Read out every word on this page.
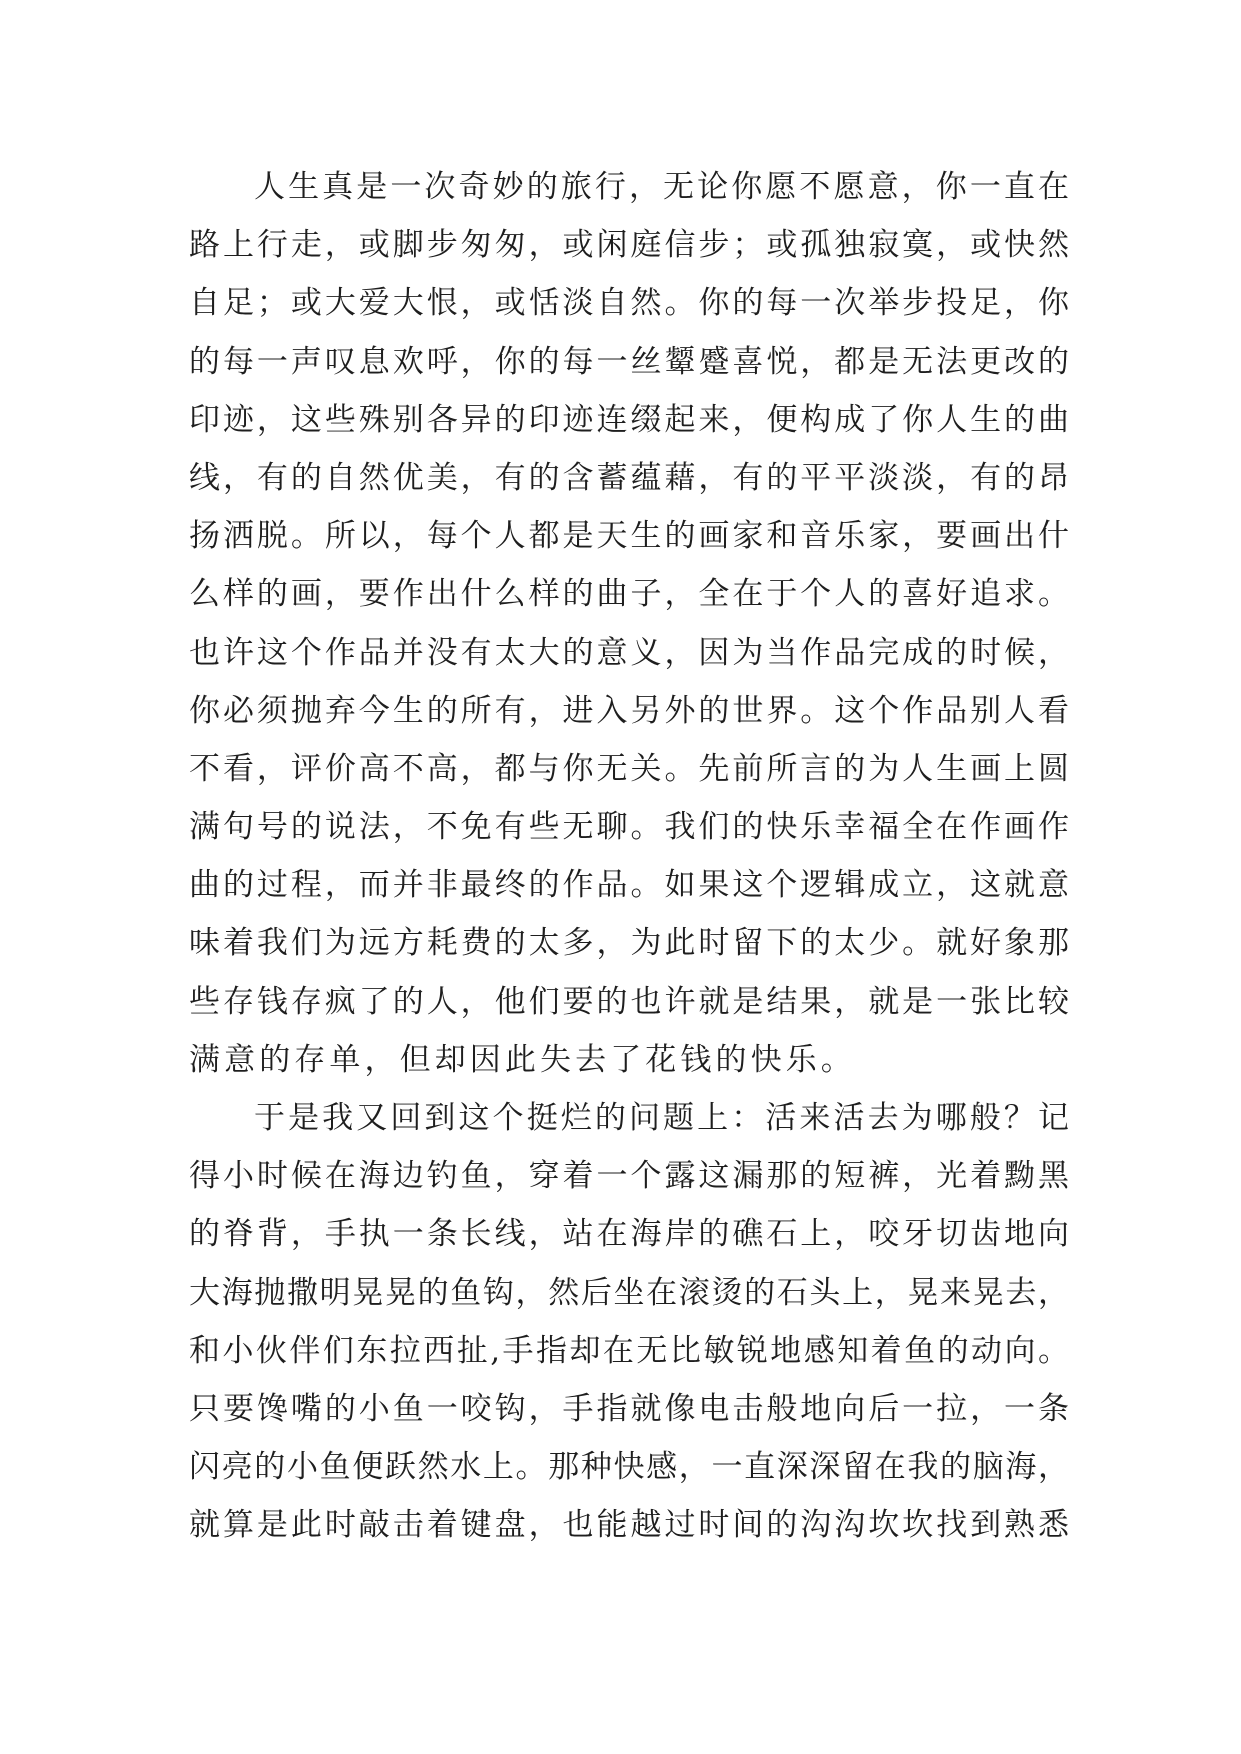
人生真是一次奇妙的旅行，无论你愿不愿意，你一直在
路上行走，或脚步匆匆，或闲庭信步；或孤独寂寞，或快然
自足；或大爱大恨，或恬淡自然。你的每一次举步投足，你
的每一声叹息欢呼，你的每一丝颦蹙喜悦，都是无法更改的
印迹，这些殊别各异的印迹连缀起来，便构成了你人生的曲
线，有的自然优美，有的含蓄蕴藉，有的平平淡淡，有的昂
扬洒脱。所以，每个人都是天生的画家和音乐家，要画出什
么样的画，要作出什么样的曲子，全在于个人的喜好追求。
也许这个作品并没有太大的意义，因为当作品完成的时候，
你必须抛弃今生的所有，进入另外的世界。这个作品别人看
不看，评价高不高，都与你无关。先前所言的为人生画上圆
满句号的说法，不免有些无聊。我们的快乐幸福全在作画作
曲的过程，而并非最终的作品。如果这个逻辑成立，这就意
味着我们为远方耗费的太多，为此时留下的太少。就好象那
些存钱存疯了的人，他们要的也许就是结果，就是一张比较
满意的存单，但却因此失去了花钱的快乐。
于是我又回到这个挺烂的问题上：活来活去为哪般？记
得小时候在海边钓鱼，穿着一个露这漏那的短裤，光着黝黑
的脊背，手执一条长线，站在海岸的礁石上，咬牙切齿地向
大海抛撒明晃晃的鱼钩，然后坐在滚烫的石头上，晃来晃去，
和小伙伴们东拉西扯,手指却在无比敏锐地感知着鱼的动向。
只要馋嘴的小鱼一咬钩，手指就像电击般地向后一拉，一条
闪亮的小鱼便跃然水上。那种快感，一直深深留在我的脑海，
就算是此时敲击着键盘，也能越过时间的沟沟坎坎找到熟悉
